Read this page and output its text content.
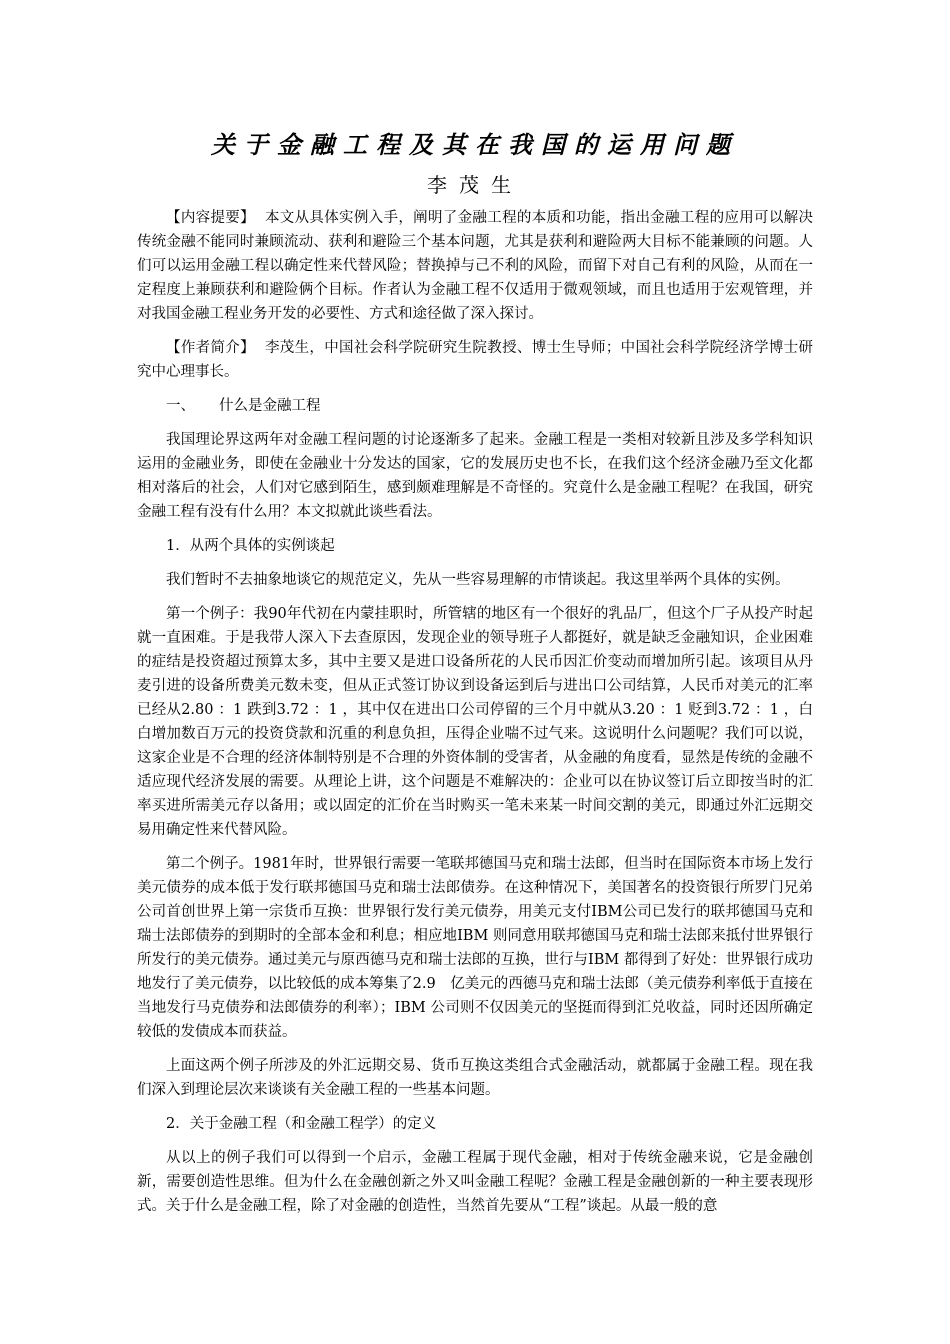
关于金融工程及其在我国的运用问题
李茂生

【内容提要】 本文从具体实例入手，阐明了金融工程的本质和功能，指出金融工程的应用可以解决传统金融不能同时兼顾流动、获利和避险三个基本问题，尤其是获利和避险两大目标不能兼顾的问题。人们可以运用金融工程以确定性来代替风险；替换掉与己不利的风险，而留下对自己有利的风险，从而在一定程度上兼顾获利和避险俩个目标。作者认为金融工程不仅适用于微观领域，而且也适用于宏观管理，并对我国金融工程业务开发的必要性、方式和途径做了深入探讨。

【作者简介】 李茂生，中国社会科学院研究生院教授、博士生导师；中国社会科学院经济学博士研究中心理事长。

一、 什么是金融工程

我国理论界这两年对金融工程问题的讨论逐渐多了起来。金融工程是一类相对较新且涉及多学科知识运用的金融业务，即使在金融业十分发达的国家，它的发展历史也不长，在我们这个经济金融乃至文化都相对落后的社会，人们对它感到陌生，感到颇难理解是不奇怪的。究竟什么是金融工程呢？在我国，研究金融工程有没有什么用？本文拟就此谈些看法。

1．从两个具体的实例谈起

我们暂时不去抽象地谈它的规范定义，先从一些容易理解的市情谈起。我这里举两个具体的实例。

第一个例子：我90年代初在内蒙挂职时，所管辖的地区有一个很好的乳品厂，但这个厂子从投产时起就一直困难。于是我带人深入下去查原因，发现企业的领导班子人都挺好，就是缺乏金融知识，企业困难的症结是投资超过预算太多，其中主要又是进口设备所花的人民币因汇价变动而增加所引起。该项目从丹麦引进的设备所费美元数未变，但从正式签订协议到设备运到后与进出口公司结算，人民币对美元的汇率已经从2.80 ：1 跌到3.72 ：1 ，其中仅在进出口公司停留的三个月中就从3.20 ：1 贬到3.72 ：1 ，白白增加数百万元的投资贷款和沉重的利息负担，压得企业喘不过气来。这说明什么问题呢？我们可以说，这家企业是不合理的经济体制特别是不合理的外资体制的受害者，从金融的角度看，显然是传统的金融不适应现代经济发展的需要。从理论上讲，这个问题是不难解决的：企业可以在协议签订后立即按当时的汇率买进所需美元存以备用；或以固定的汇价在当时购买一笔未来某一时间交割的美元，即通过外汇远期交易用确定性来代替风险。

第二个例子。1981年时，世界银行需要一笔联邦德国马克和瑞士法郎，但当时在国际资本市场上发行美元债券的成本低于发行联邦德国马克和瑞士法郎债券。在这种情况下，美国著名的投资银行所罗门兄弟公司首创世界上第一宗货币互换：世界银行发行美元债券，用美元支付IBM公司已发行的联邦德国马克和瑞士法郎债券的到期时的全部本金和利息；相应地IBM 则同意用联邦德国马克和瑞士法郎来抵付世界银行所发行的美元债券。通过美元与原西德马克和瑞士法郎的互换，世行与IBM 都得到了好处：世界银行成功地发行了美元债券，以比较低的成本筹集了2.9　亿美元的西德马克和瑞士法郎（美元债券利率低于直接在当地发行马克债券和法郎债券的利率）；IBM 公司则不仅因美元的坚挺而得到汇兑收益，同时还因所确定较低的发债成本而获益。

上面这两个例子所涉及的外汇远期交易、货币互换这类组合式金融活动，就都属于金融工程。现在我们深入到理论层次来谈谈有关金融工程的一些基本问题。

2．关于金融工程（和金融工程学）的定义

从以上的例子我们可以得到一个启示，金融工程属于现代金融，相对于传统金融来说，它是金融创新，需要创造性思维。但为什么在金融创新之外又叫金融工程呢？金融工程是金融创新的一种主要表现形式。关于什么是金融工程，除了对金融的创造性，当然首先要从“工程”谈起。从最一般的意
